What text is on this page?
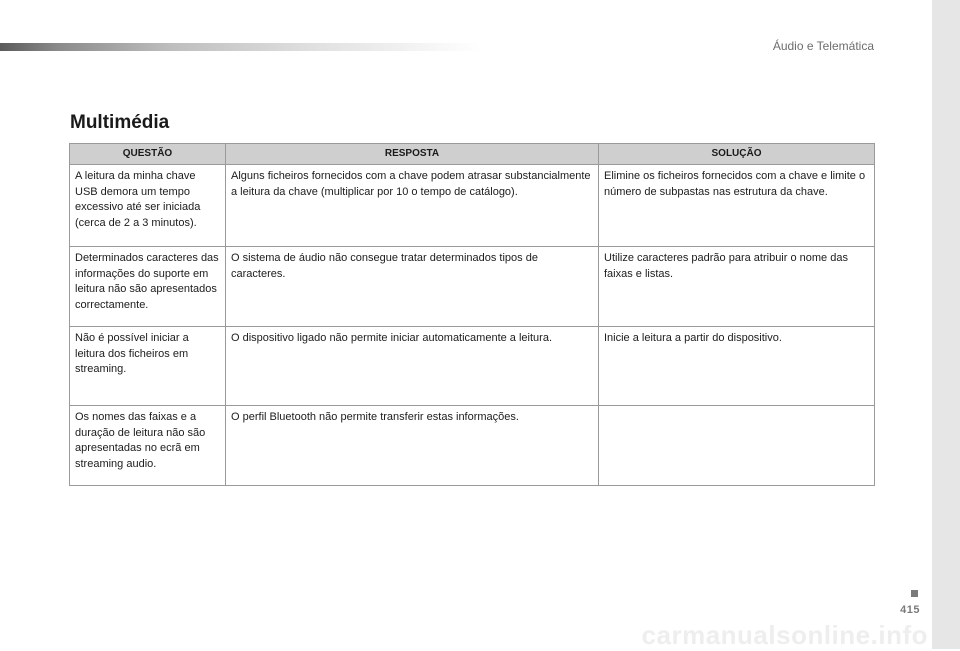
Áudio e Telemática
Multimédia
QUESTÃO	RESPOSTA	SOLUÇÃO
A leitura da minha chave USB demora um tempo excessivo até ser iniciada (cerca de 2 a 3 minutos).	Alguns ficheiros fornecidos com a chave podem atrasar substancialmente a leitura da chave (multiplicar por 10 o tempo de catálogo).	Elimine os ficheiros fornecidos com a chave e limite o número de subpastas nas estrutura da chave.
Determinados caracteres das informações do suporte em leitura não são apresentados correctamente.	O sistema de áudio não consegue tratar determinados tipos de caracteres.	Utilize caracteres padrão para atribuir o nome das faixas e listas.
Não é possível iniciar a leitura dos ficheiros em streaming.	O dispositivo ligado não permite iniciar automaticamente a leitura.	Inicie a leitura a partir do dispositivo.
Os nomes das faixas e a duração de leitura não são apresentadas no ecrã em streaming audio.	O perfil Bluetooth não permite transferir estas informações.	
415
carmanualsonline.info
